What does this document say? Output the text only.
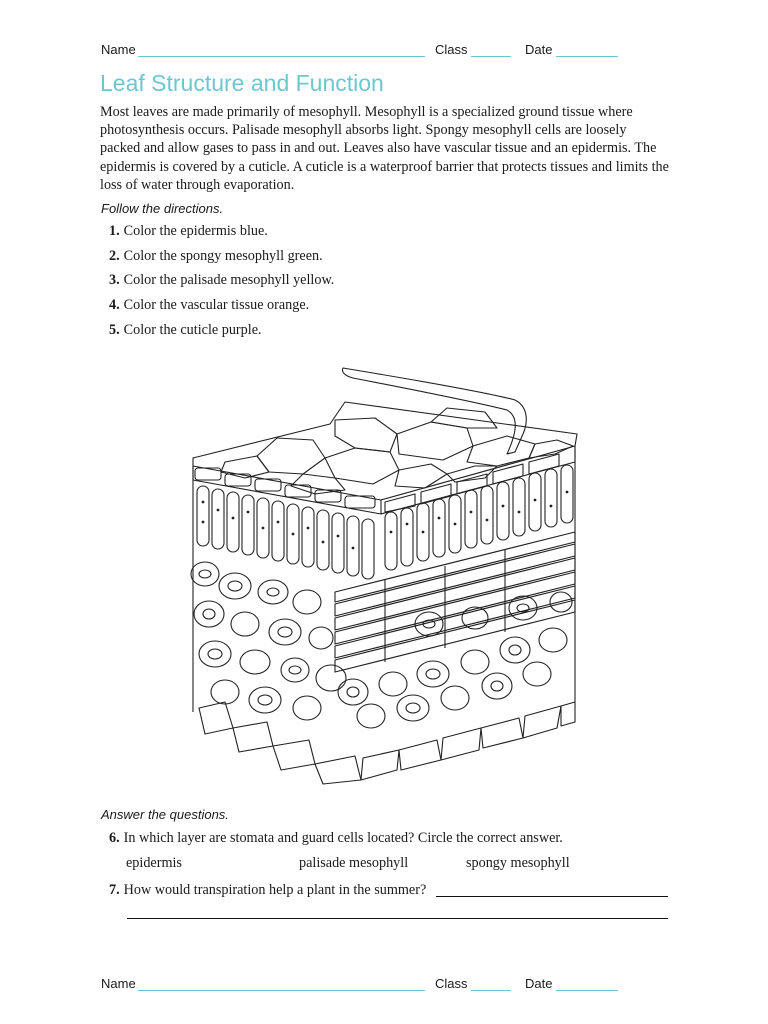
Name	Class	Date
Leaf Structure and Function

Most leaves are made primarily of mesophyll. Mesophyll is a specialized ground tissue where photosynthesis occurs. Palisade mesophyll absorbs light. Spongy mesophyll cells are loosely packed and allow gases to pass in and out. Leaves also have vascular tissue and an epidermis. The epidermis is covered by a cuticle. A cuticle is a waterproof barrier that protects tissues and limits the loss of water through evaporation.

Follow the directions.
1. Color the epidermis blue.
2. Color the spongy mesophyll green.
3. Color the palisade mesophyll yellow.
4. Color the vascular tissue orange.
5. Color the cuticle purple.
Answer the questions.
6. In which layer are stomata and guard cells located? Circle the correct answer.
epidermis	palisade mesophyll	spongy mesophyll
7. How would transpiration help a plant in the summer?
Name	Class	Date
